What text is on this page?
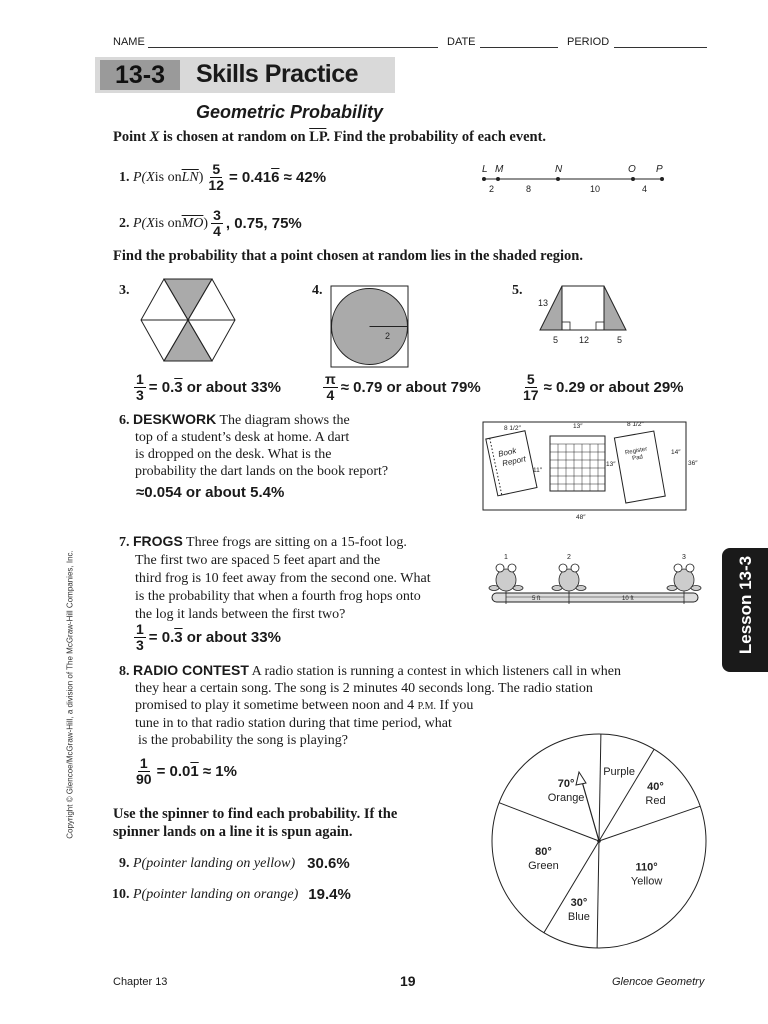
NAME	DATE	PERIOD
13-3	Skills Practice
Geometric Probability
Point X is chosen at random on $\overline{LP}$. Find the probability of each event.
1.
P( X is on $\overline{LN}$ ) $\frac{5}{12} = 0.416 \approx 42\%$	L M	N	O P
2	8	10	4
2.
P( X is on $\overline{MO}$ ) $\frac{3}{4}$ , 0.75, 75%
Find the probability that a point chosen at random lies in the shaded region.
3.
$\frac{1}{3} = 0.3$ or about 33%
4.
2
$\frac{\pi}{4} \approx 0.79$ or about 79%
5.
13
5 12	5
$\frac{5}{17} \approx 0.29$ or about 29%
6. DESKWORK The diagram shows the
top of a student’s desk at home. A dart
is dropped on the desk. What is the
probability the dart lands on the book report?
≈0.054 or about 5.4%
Book
Report
8 1/2″
11″
13″
13″
Register
Pad
8 1/2″
14″
36″
48″
7. FROGS Three frogs are sitting on a 15-foot log.
The first two are spaced 5 feet apart and the
third frog is 10 feet away from the second one. What
is the probability that when a fourth frog hops onto
the log it lands between the first two?
$\frac{1}{3} = 0.3$ or about 33%
5 ft	10 ft
1	2	3	Lesson 13-3
8. RADIO CONTEST A radio station is running a contest in which listeners call in when
they hear a certain song. The song is 2 minutes 40 seconds long. The radio station
promised to play it sometime between noon and 4 P.M. If you
tune in to that radio station during that time period, what
is the probability the song is playing?
$\frac{1}{90} = 0.01 \approx 1\%$
Use the spinner to find each probability. If the
spinner lands on a line it is spun again.
9.
P(pointer landing on yellow) 30.6%
10.
P(pointer landing on orange) 19.4%
Purple
40°
Red
110°
Yellow
30°
Blue
80°
Green
70°
Orange
Copyright © Glencoe/McGraw-Hill, a division of The McGraw-Hill Companies, Inc.
Chapter 13	19	Glencoe Geometry
